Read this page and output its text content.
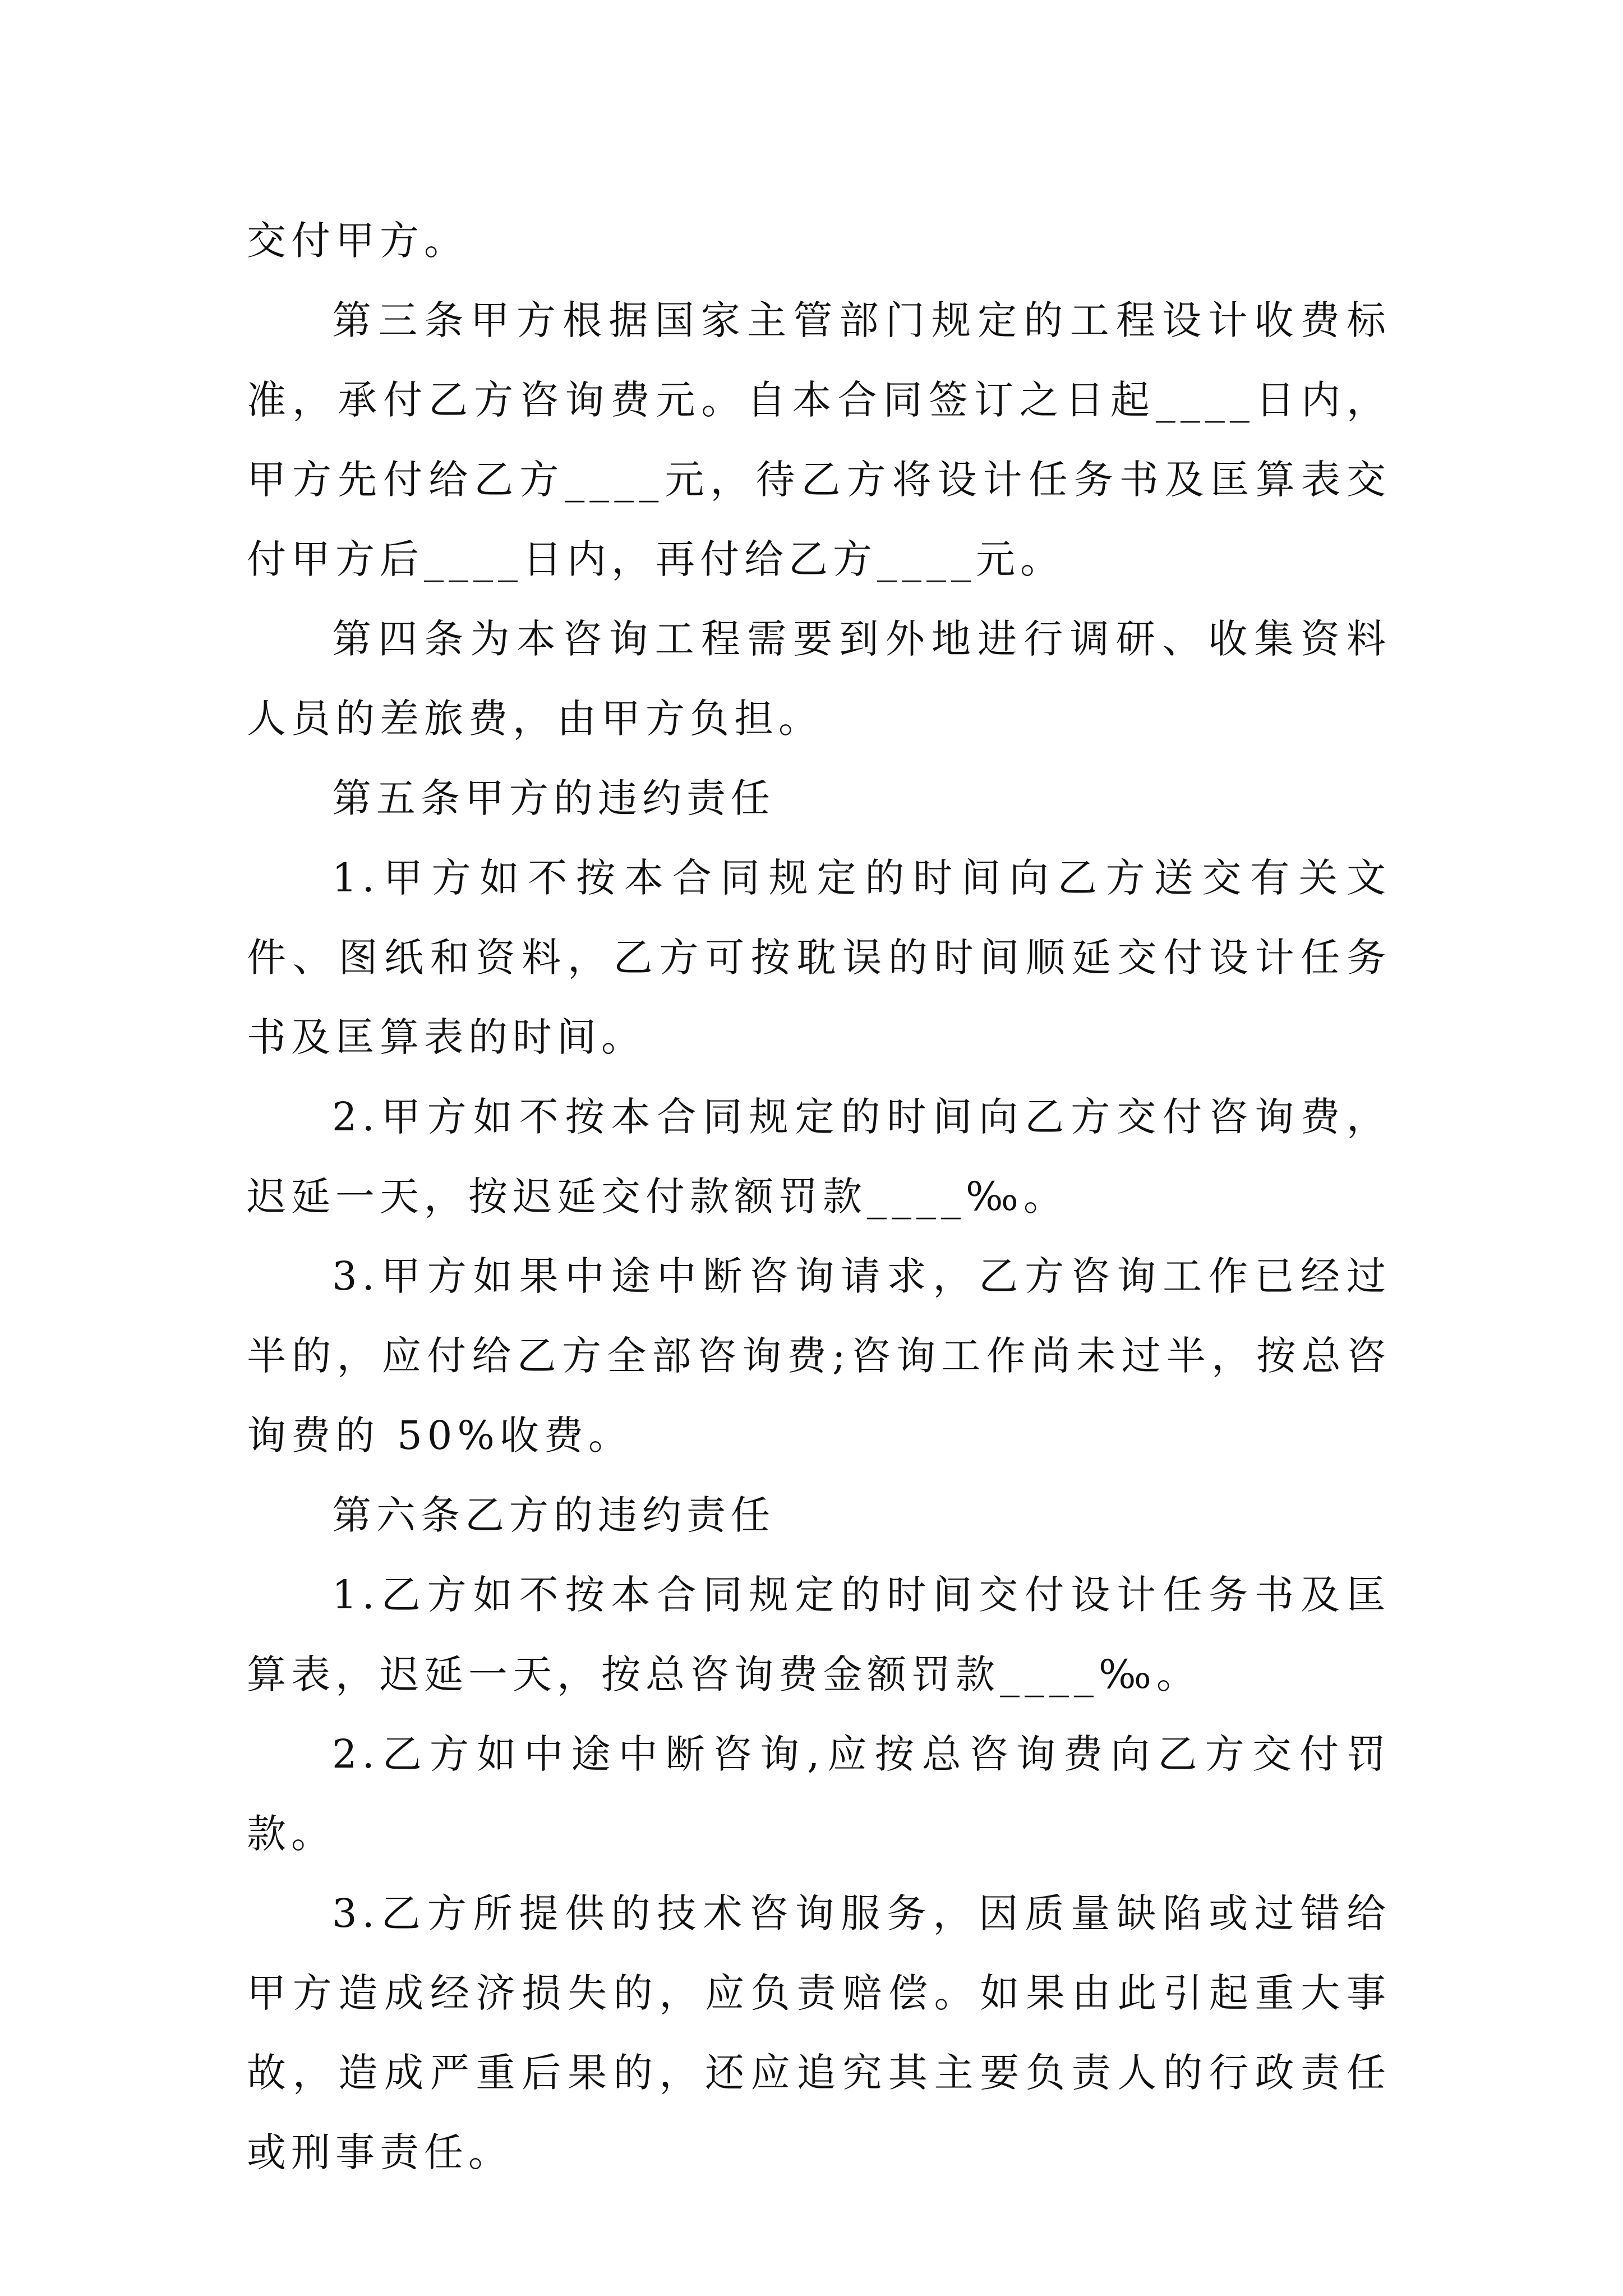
交付甲方。

第三条甲方根据国家主管部门规定的工程设计收费标准，承付乙方咨询费元。自本合同签订之日起____日内，甲方先付给乙方____元，待乙方将设计任务书及匡算表交付甲方后____日内，再付给乙方____元。

第四条为本咨询工程需要到外地进行调研、收集资料人员的差旅费，由甲方负担。

第五条甲方的违约责任

1.甲方如不按本合同规定的时间向乙方送交有关文件、图纸和资料，乙方可按耽误的时间顺延交付设计任务书及匡算表的时间。

2.甲方如不按本合同规定的时间向乙方交付咨询费，迟延一天，按迟延交付款额罚款____‰。

3.甲方如果中途中断咨询请求，乙方咨询工作已经过半的，应付给乙方全部咨询费;咨询工作尚未过半，按总咨询费的 50%收费。

第六条乙方的违约责任

1.乙方如不按本合同规定的时间交付设计任务书及匡算表，迟延一天，按总咨询费金额罚款____‰。

2.乙方如中途中断咨询,应按总咨询费向乙方交付罚款。

3.乙方所提供的技术咨询服务，因质量缺陷或过错给甲方造成经济损失的，应负责赔偿。如果由此引起重大事故，造成严重后果的，还应追究其主要负责人的行政责任或刑事责任。
